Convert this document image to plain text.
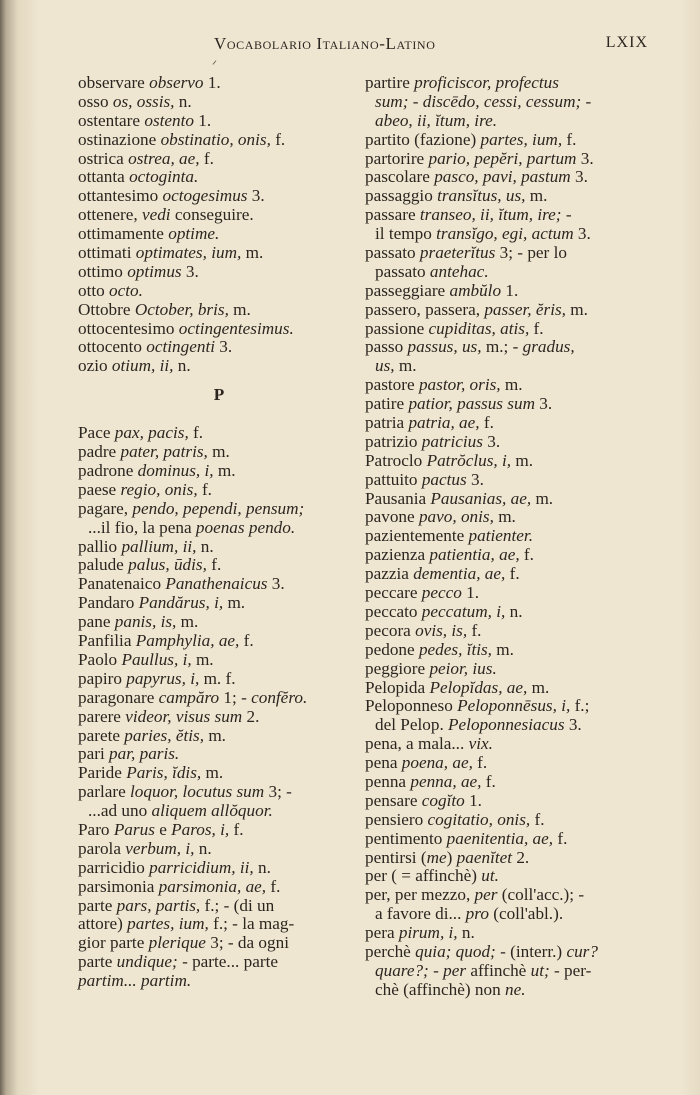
Vocabolario Italiano-Latino	LXIX
ᐟ
observare observo 1.
osso os, ossis, n.
ostentare ostento 1.
ostinazione obstinatio, onis, f.
ostrica ostrea, ae, f.
ottanta octoginta.
ottantesimo octogesimus 3.
ottenere, vedi conseguire.
ottimamente optime.
ottimati optimates, ium, m.
ottimo optimus 3.
otto octo.
Ottobre October, bris, m.
ottocentesimo octingentesimus.
ottocento octingenti 3.
ozio otium, ii, n.
P
Pace pax, pacis, f.
padre pater, patris, m.
padrone dominus, i, m.
paese regio, onis, f.
pagare, pendo, pependi, pensum;
...il fio, la pena poenas pendo.
pallio pallium, ii, n.
palude palus, ūdis, f.
Panatenaico Panathenaicus 3.
Pandaro Pandărus, i, m.
pane panis, is, m.
Panfilia Pamphylia, ae, f.
Paolo Paullus, i, m.
papiro papyrus, i, m. f.
paragonare campăro 1; - confĕro.
parere videor, visus sum 2.
parete paries, ĕtis, m.
pari par, paris.
Paride Paris, ĭdis, m.
parlare loquor, locutus sum 3; -
...ad uno aliquem allŏquor.
Paro Parus e Paros, i, f.
parola verbum, i, n.
parricidio parricidium, ii, n.
parsimonia parsimonia, ae, f.
parte pars, partis, f.; - (di un
attore) partes, ium, f.; - la mag-
gior parte plerique 3; - da ogni
parte undique; - parte... parte
partim... partim.
partire proficiscor, profectus
sum; - discēdo, cessi, cessum; -
abeo, ii, ĭtum, ire.
partito (fazione) partes, ium, f.
partorire pario, pepĕri, partum 3.
pascolare pasco, pavi, pastum 3.
passaggio transĭtus, us, m.
passare transeo, ii, ĭtum, ire; -
il tempo transĭgo, egi, actum 3.
passato praeterĭtus 3; - per lo
passato antehac.
passeggiare ambŭlo 1.
passero, passera, passer, ĕris, m.
passione cupiditas, atis, f.
passo passus, us, m.; - gradus,
us, m.
pastore pastor, oris, m.
patire patior, passus sum 3.
patria patria, ae, f.
patrizio patricius 3.
Patroclo Patrŏclus, i, m.
pattuito pactus 3.
Pausania Pausanias, ae, m.
pavone pavo, onis, m.
pazientemente patienter.
pazienza patientia, ae, f.
pazzia dementia, ae, f.
peccare pecco 1.
peccato peccatum, i, n.
pecora ovis, is, f.
pedone pedes, ĭtis, m.
peggiore peior, ius.
Pelopida Pelopĭdas, ae, m.
Peloponneso Peloponnēsus, i, f.;
del Pelop. Peloponnesiacus 3.
pena, a mala... vix.
pena poena, ae, f.
penna penna, ae, f.
pensare cogĭto 1.
pensiero cogitatio, onis, f.
pentimento paenitentia, ae, f.
pentirsi (me) paenĭtet 2.
per ( = affinchè) ut.
per, per mezzo, per (coll'acc.); -
a favore di... pro (coll'abl.).
pera pirum, i, n.
perchè quia; quod; - (interr.) cur?
quare?; - per affinchè ut; - per-
chè (affinchè) non ne.
